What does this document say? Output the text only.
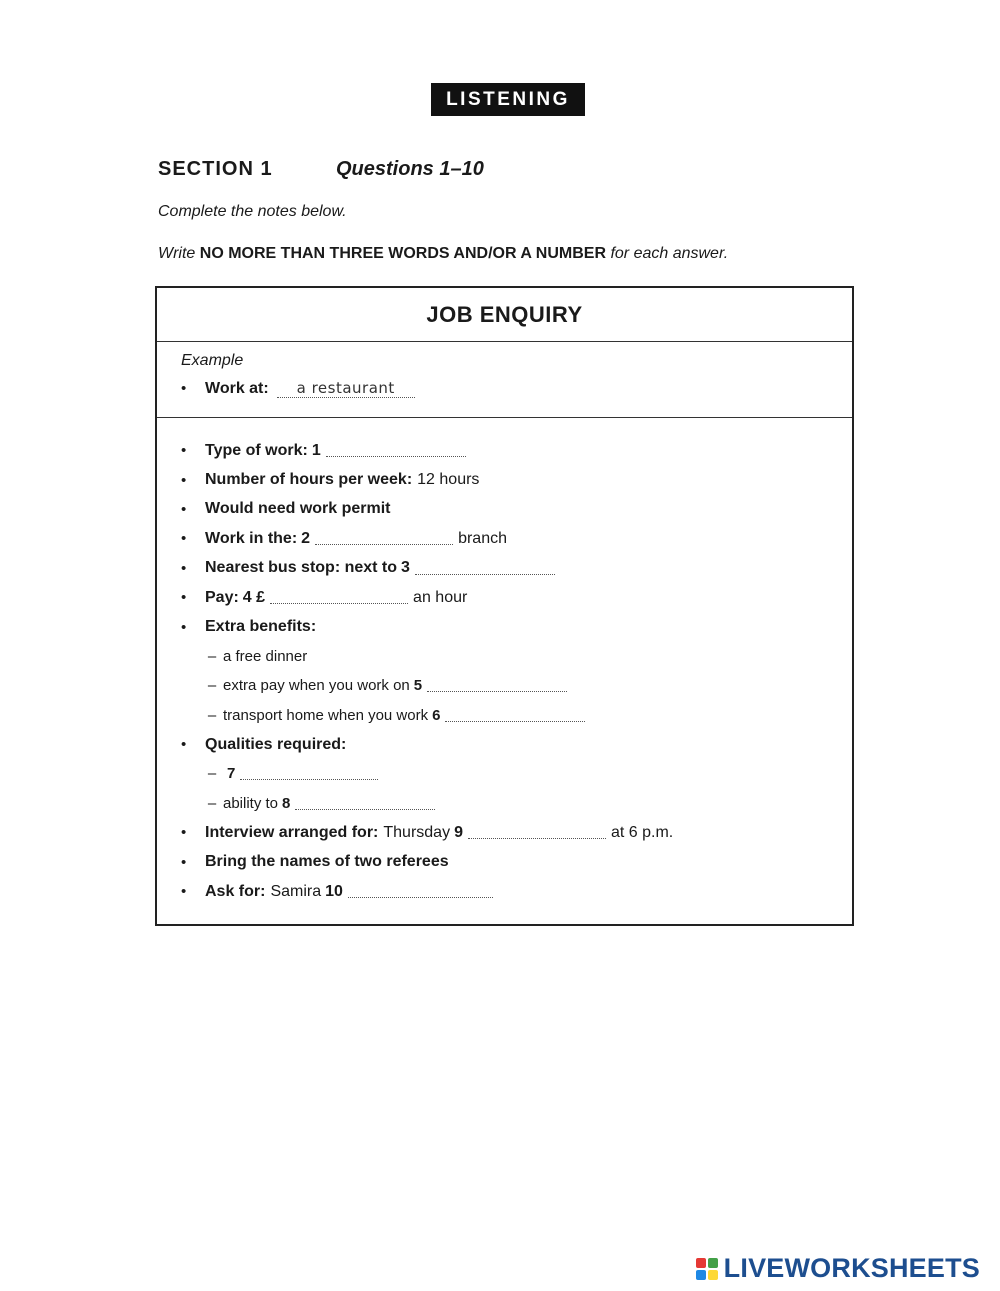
LISTENING
SECTION 1	Questions 1–10
Complete the notes below.
Write NO MORE THAN THREE WORDS AND/OR A NUMBER for each answer.
JOB ENQUIRY
Example
•	Work at:	a restaurant
•	Type of work: 1
•	Number of hours per week: 12 hours
•	Would need work permit
•	Work in the: 2	branch
•	Nearest bus stop: next to 3
•	Pay: 4 £	an hour
•	Extra benefits:
– a free dinner
– extra pay when you work on 5
– transport home when you work 6
•	Qualities required:
– 7
– ability to 8
•	Interview arranged for: Thursday 9	at 6 p.m.
•	Bring the names of two referees
•	Ask for: Samira 10
LIVEWORKSHEETS
